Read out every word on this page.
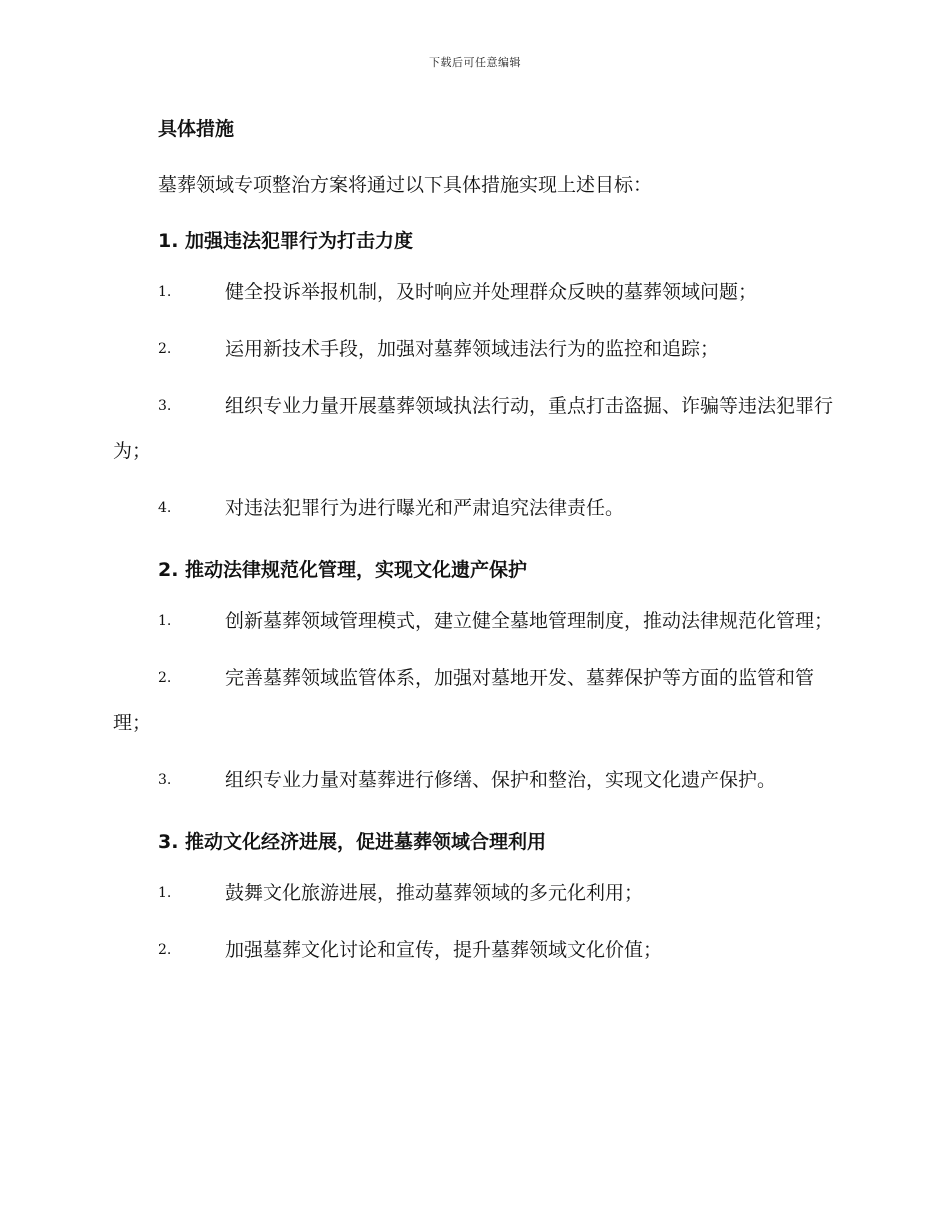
下载后可任意编辑
具体措施
墓葬领域专项整治方案将通过以下具体措施实现上述目标：
1. 加强违法犯罪行为打击力度
1.	健全投诉举报机制，及时响应并处理群众反映的墓葬领域问题；
2.	运用新技术手段，加强对墓葬领域违法行为的监控和追踪；
3.	组织专业力量开展墓葬领域执法行动，重点打击盗掘、诈骗等违法犯罪行为；
4.	对违法犯罪行为进行曝光和严肃追究法律责任。
2. 推动法律规范化管理，实现文化遗产保护
1.	创新墓葬领域管理模式，建立健全墓地管理制度，推动法律规范化管理；
2.	完善墓葬领域监管体系，加强对墓地开发、墓葬保护等方面的监管和管理；
3.	组织专业力量对墓葬进行修缮、保护和整治，实现文化遗产保护。
3. 推动文化经济进展，促进墓葬领域合理利用
1.	鼓舞文化旅游进展，推动墓葬领域的多元化利用；
2.	加强墓葬文化讨论和宣传，提升墓葬领域文化价值；
